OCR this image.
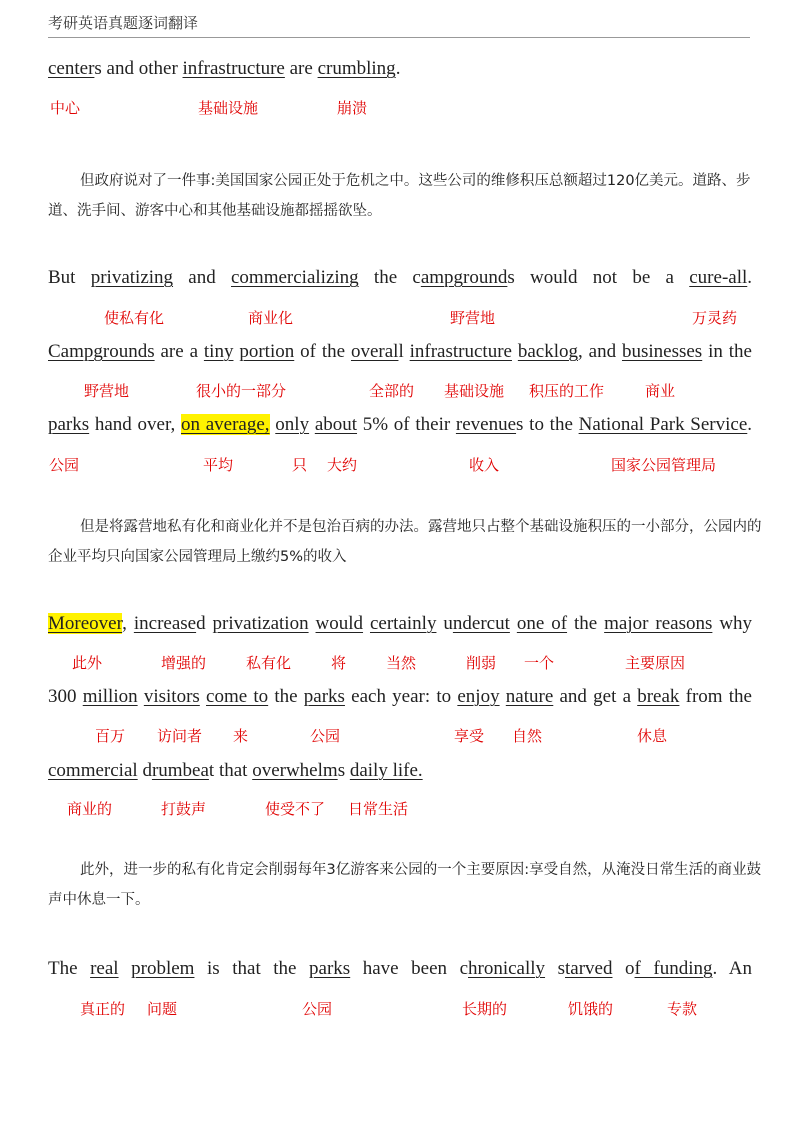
考研英语真题逐词翻译
centers and other infrastructure are crumbling.
But privatizing and commercializing the campgrounds would not be a cure-all.
Campgrounds are a tiny portion of the overall infrastructure backlog, and businesses in the
parks hand over, on average, only about 5% of their revenues to the National Park Service.
Moreover, increased privatization would certainly undercut one of the major reasons why
300 million visitors come to the parks each year: to enjoy nature and get a break from the
commercial drumbeat that overwhelms daily life.
The real problem is that the parks have been chronically starved of funding. An
中心	基础设施	崩溃
使私有化	商业化	野营地	万灵药
野营地	很小的一部分	全部的 基础设施 积压的工作	商业
公园	平均	只 大约	收入	国家公园管理局
此外	增强的	私有化	将	当然	削弱 一个	主要原因
百万 访问者 来	公园	享受 自然	休息
商业的	打鼓声	使受不了 日常生活
真正的 问题	公园	长期的	饥饿的	专款
但政府说对了一件事:美国国家公园正处于危机之中。这些公司的维修积压总额超过120亿美元。道路、步道、洗手间、游客中心和其他基础设施都摇摇欲坠。
但是将露营地私有化和商业化并不是包治百病的办法。露营地只占整个基础设施积压的一小部分，公园内的企业平均只向国家公园管理局上缴约5%的收入
此外，进一步的私有化肯定会削弱每年3亿游客来公园的一个主要原因:享受自然，从淹没日常生活的商业鼓声中休息一下。
